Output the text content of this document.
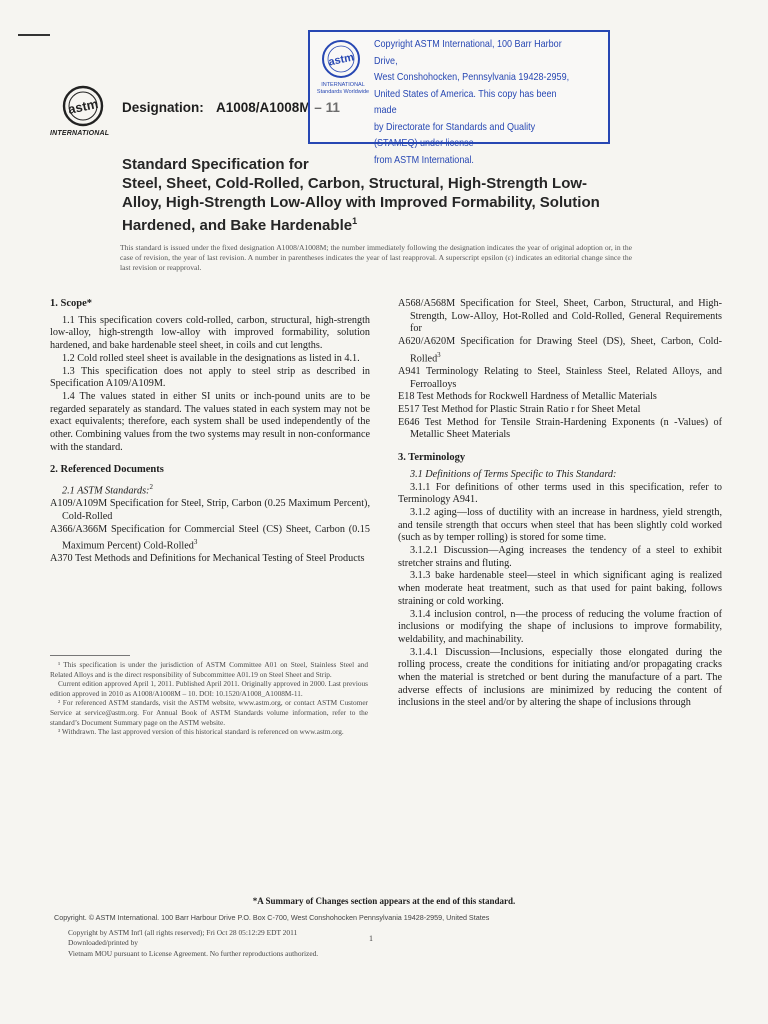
astm
INTERNATIONAL
Designation: A1008/A1008M – 11
astm
INTERNATIONAL
Standards Worldwide
Copyright ASTM International, 100 Barr Harbor Drive,
West Conshohocken, Pennsylvania 19428-2959,
United States of America. This copy has been made
by Directorate for Standards and Quality (STAMEQ) under license
from ASTM International.
Standard Specification for
Steel, Sheet, Cold-Rolled, Carbon, Structural, High-Strength Low-Alloy, High-Strength Low-Alloy with Improved Formability, Solution Hardened, and Bake Hardenable$^1$
This standard is issued under the fixed designation A1008/A1008M; the number immediately following the designation indicates the year of original adoption or, in the case of revision, the year of last revision. A number in parentheses indicates the year of last reapproval. A superscript epsilon (ε) indicates an editorial change since the last revision or reapproval.
1. Scope*

1.1 This specification covers cold-rolled, carbon, structural, high-strength low-alloy, high-strength low-alloy with improved formability, solution hardened, and bake hardenable steel sheet, in coils and cut lengths.

1.2 Cold rolled steel sheet is available in the designations as listed in 4.1.

1.3 This specification does not apply to steel strip as described in Specification A109/A109M.

1.4 The values stated in either SI units or inch-pound units are to be regarded separately as standard. The values stated in each system may not be exact equivalents; therefore, each system shall be used independently of the other. Combining values from the two systems may result in non-conformance with the standard.

2. Referenced Documents

2.1 ASTM Standards:$^2$

A109/A109M Specification for Steel, Strip, Carbon (0.25 Maximum Percent), Cold-Rolled

A366/A366M Specification for Commercial Steel (CS) Sheet, Carbon (0.15 Maximum Percent) Cold-Rolled$^3$

A370 Test Methods and Definitions for Mechanical Testing of Steel Products

¹ This specification is under the jurisdiction of ASTM Committee A01 on Steel, Stainless Steel and Related Alloys and is the direct responsibility of Subcommittee A01.19 on Steel Sheet and Strip.

Current edition approved April 1, 2011. Published April 2011. Originally approved in 2000. Last previous edition approved in 2010 as A1008/A1008M – 10. DOI: 10.1520/A1008_A1008M-11.

² For referenced ASTM standards, visit the ASTM website, www.astm.org, or contact ASTM Customer Service at service@astm.org. For Annual Book of ASTM Standards volume information, refer to the standard’s Document Summary page on the ASTM website.

³ Withdrawn. The last approved version of this historical standard is referenced on www.astm.org.

A568/A568M Specification for Steel, Sheet, Carbon, Structural, and High-Strength, Low-Alloy, Hot-Rolled and Cold-Rolled, General Requirements for

A620/A620M Specification for Drawing Steel (DS), Sheet, Carbon, Cold-Rolled$^3$

A941 Terminology Relating to Steel, Stainless Steel, Related Alloys, and Ferroalloys

E18 Test Methods for Rockwell Hardness of Metallic Materials

E517 Test Method for Plastic Strain Ratio r for Sheet Metal

E646 Test Method for Tensile Strain-Hardening Exponents (n -Values) of Metallic Sheet Materials

3. Terminology

3.1 Definitions of Terms Specific to This Standard:

3.1.1 For definitions of other terms used in this specification, refer to Terminology A941.

3.1.2 aging—loss of ductility with an increase in hardness, yield strength, and tensile strength that occurs when steel that has been slightly cold worked (such as by temper rolling) is stored for some time.

3.1.2.1 Discussion—Aging increases the tendency of a steel to exhibit stretcher strains and fluting.

3.1.3 bake hardenable steel—steel in which significant aging is realized when moderate heat treatment, such as that used for paint baking, follows straining or cold working.

3.1.4 inclusion control, n—the process of reducing the volume fraction of inclusions or modifying the shape of inclusions to improve formability, weldability, and machinability.

3.1.4.1 Discussion—Inclusions, especially those elongated during the rolling process, create the conditions for initiating and/or propagating cracks when the material is stretched or bent during the manufacture of a part. The adverse effects of inclusions are minimized by reducing the content of inclusions in the steel and/or by altering the shape of inclusions through

*A Summary of Changes section appears at the end of this standard.
Copyright. © ASTM International. 100 Barr Harbour Drive P.O. Box C-700, West Conshohocken Pennsylvania 19428-2959, United States
Copyright by ASTM Int'l (all rights reserved); Fri Oct 28 05:12:29 EDT 2011
Downloaded/printed by
Vietnam MOU pursuant to License Agreement. No further reproductions authorized.
1
